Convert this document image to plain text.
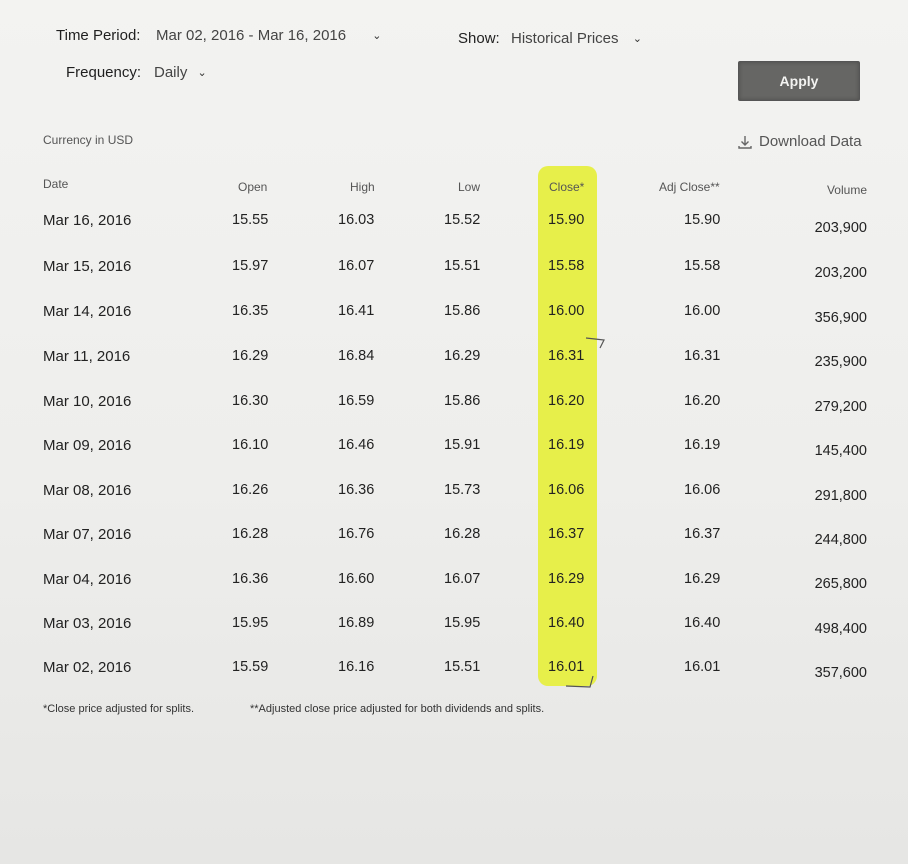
Time Period: Mar 02, 2016 - Mar 16, 2016 ⌄	Show: Historical Prices ⌄
Frequency: Daily ⌄	Apply
Currency in USD	Download Data
Date	Open	High	Low	Close*	Adj Close**	Volume
Mar 16, 2016	15.55	16.03	15.52	15.90	15.90	203,900
Mar 15, 2016	15.97	16.07	15.51	15.58	15.58	203,200
Mar 14, 2016	16.35	16.41	15.86	16.00	16.00	356,900
Mar 11, 2016	16.29	16.84	16.29	16.31	16.31	235,900
Mar 10, 2016	16.30	16.59	15.86	16.20	16.20	279,200
Mar 09, 2016	16.10	16.46	15.91	16.19	16.19	145,400
Mar 08, 2016	16.26	16.36	15.73	16.06	16.06	291,800
Mar 07, 2016	16.28	16.76	16.28	16.37	16.37	244,800
Mar 04, 2016	16.36	16.60	16.07	16.29	16.29	265,800
Mar 03, 2016	15.95	16.89	15.95	16.40	16.40	498,400
Mar 02, 2016	15.59	16.16	15.51	16.01	16.01	357,600
*Close price adjusted for splits.	**Adjusted close price adjusted for both dividends and splits.
